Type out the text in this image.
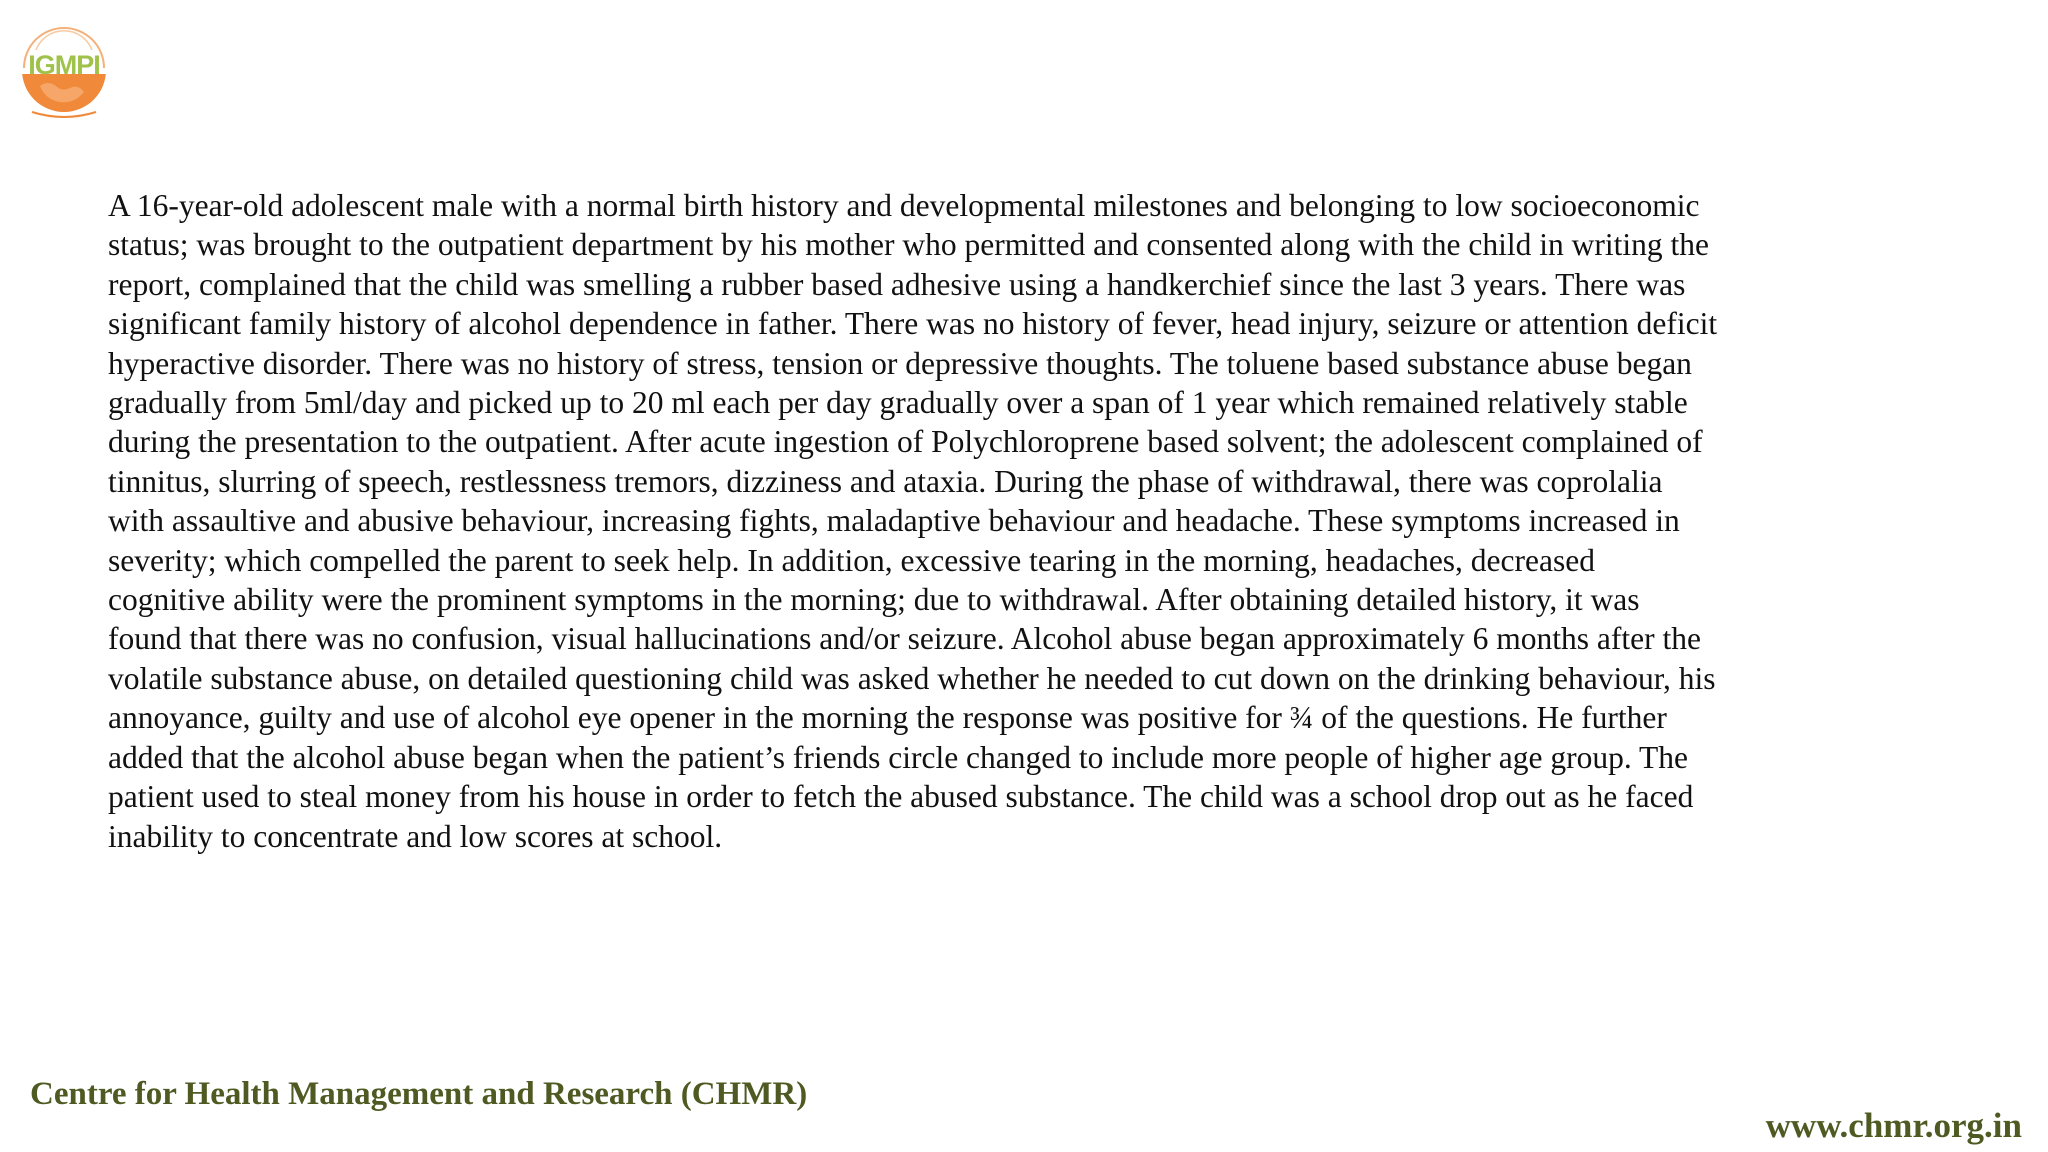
IGMPI
A 16-year-old adolescent male with a normal birth history and developmental milestones and belonging to low socioeconomic
status; was brought to the outpatient department by his mother who permitted and consented along with the child in writing the
report, complained that the child was smelling a rubber based adhesive using a handkerchief since the last 3 years. There was
significant family history of alcohol dependence in father. There was no history of fever, head injury, seizure or attention deficit
hyperactive disorder. There was no history of stress, tension or depressive thoughts. The toluene based substance abuse began
gradually from 5ml/day and picked up to 20 ml each per day gradually over a span of 1 year which remained relatively stable
during the presentation to the outpatient. After acute ingestion of Polychloroprene based solvent; the adolescent complained of
tinnitus, slurring of speech, restlessness tremors, dizziness and ataxia. During the phase of withdrawal, there was coprolalia
with assaultive and abusive behaviour, increasing fights, maladaptive behaviour and headache. These symptoms increased in
severity; which compelled the parent to seek help. In addition, excessive tearing in the morning, headaches, decreased
cognitive ability were the prominent symptoms in the morning; due to withdrawal. After obtaining detailed history, it was
found that there was no confusion, visual hallucinations and/or seizure. Alcohol abuse began approximately 6 months after the
volatile substance abuse, on detailed questioning child was asked whether he needed to cut down on the drinking behaviour, his
annoyance, guilty and use of alcohol eye opener in the morning the response was positive for ¾ of the questions. He further
added that the alcohol abuse began when the patient’s friends circle changed to include more people of higher age group. The
patient used to steal money from his house in order to fetch the abused substance. The child was a school drop out as he faced
inability to concentrate and low scores at school.
Centre for Health Management and Research (CHMR)
www.chmr.org.in
